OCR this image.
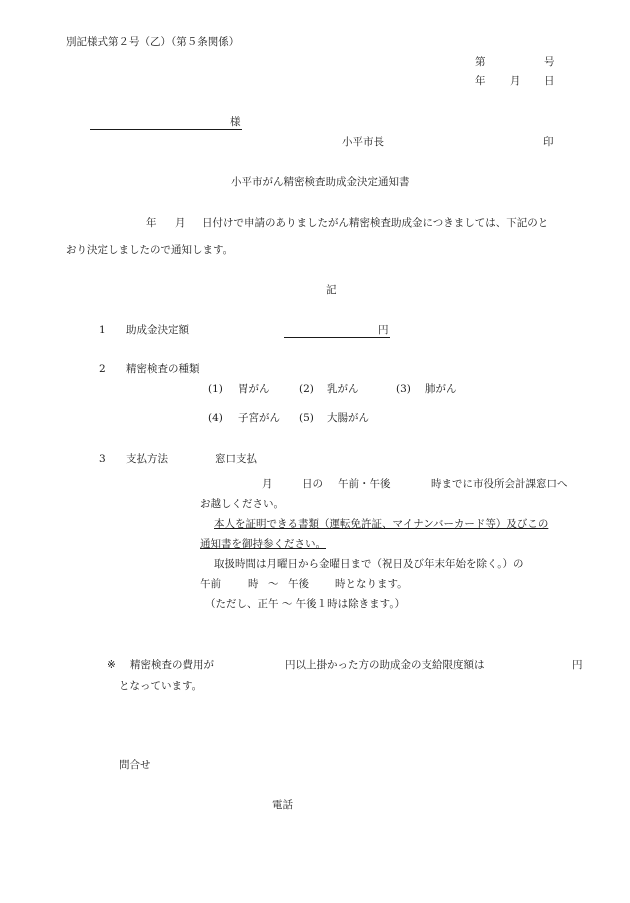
別記様式第２号（乙）（第５条関係）
第	号
年 月 日
様
小平市長	印
小平市がん精密検査助成金決定通知書
年 月 日付けで申請のありましたがん精密検査助成金につきましては、下記のと
おり決定しましたので通知します。
記
1 助成金決定額	円
2 精密検査の種類
(1) 胃がん	(2) 乳がん	(3) 肺がん
(4) 子宮がん (5) 大腸がん
3 支払方法	窓口支払
月	日の 午前・午後	時までに市役所会計課窓口へ
お越しください。
本人を証明できる書類（運転免許証、マイナンバーカード等）及びこの
通知書を御持参ください。
取扱時間は月曜日から金曜日まで（祝日及び年末年始を除く。）の
午前	時 ～ 午後 時となります。
（ただし、正午 ～ 午後１時は除きます。）
※ 精密検査の費用が	円以上掛かった方の助成金の支給限度額は	円
となっています。
問合せ
電話
